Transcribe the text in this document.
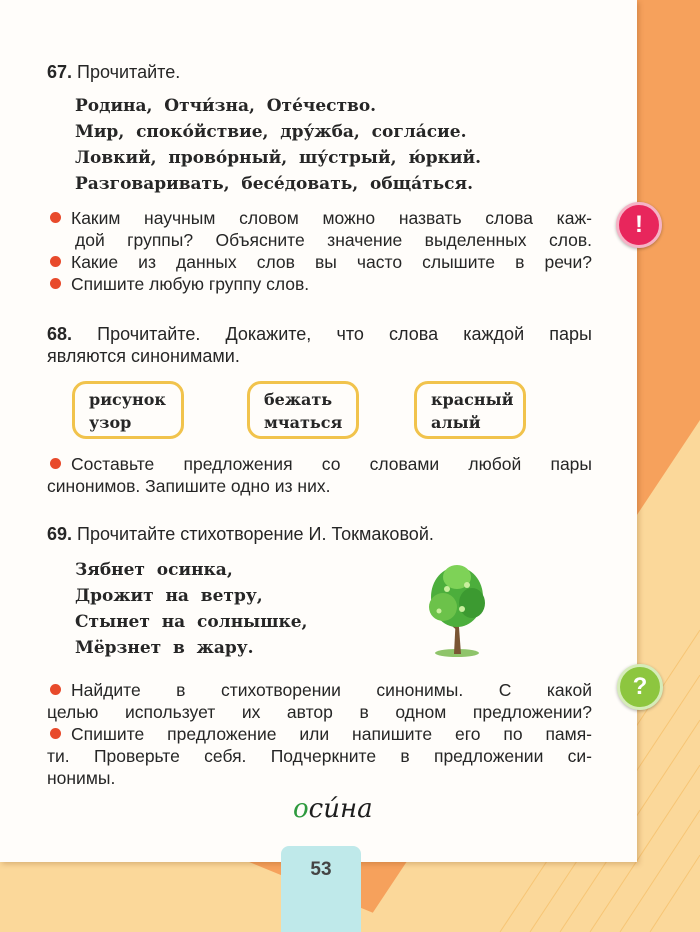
!
?

67. Прочитайте.

Родина,  Отчи́зна,  Оте́чество.
Мир,  споко́йствие,  дру́жба,  согла́сие.
Ловкий,  прово́рный,  шу́стрый,  ю́ркий.
Разговаривать,  бесе́довать,  обща́ться.

Каким научным словом можно назвать слова каж-

дой группы? Объясните значение выделенных слов.

Какие из данных слов вы часто слышите в речи?

Спишите любую группу слов.

68. Прочитайте. Докажите, что слова каждой пары

являются синонимами.

рисунок
узор
бежать
мчаться
красный
алый

Составьте предложения со словами любой пары

синонимов. Запишите одно из них.

69. Прочитайте стихотворение И. Токмаковой.

Зябнет  осинка,
Дрожит  на  ветру,
Стынет  на  солнышке,
Мёрзнет  в  жару.

Найдите в стихотворении синонимы. С какой

целью использует их автор в одном предложении?

Спишите предложение или напишите его по памя-

ти. Проверьте себя. Подчеркните в предложении си-

нонимы.

оси́на
53
